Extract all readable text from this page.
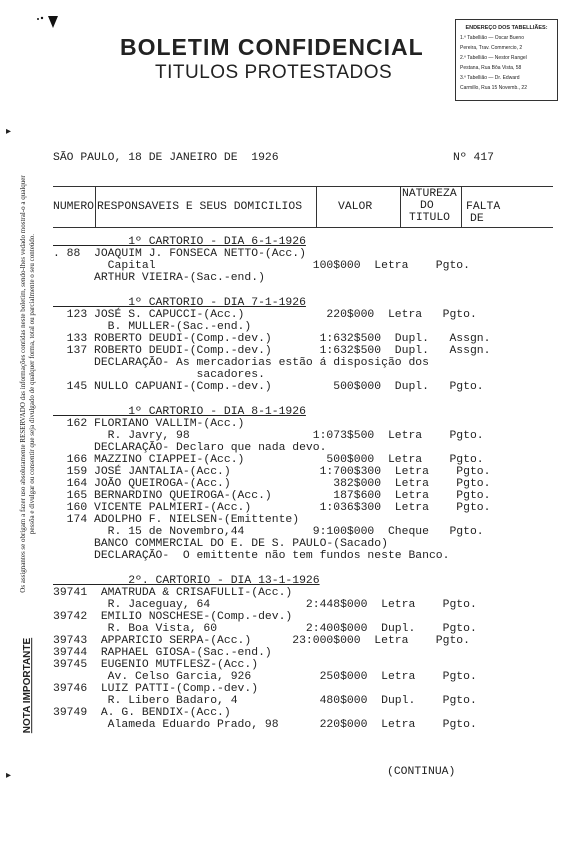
BOLETIM CONFIDENCIAL
TITULOS PROTESTADOS
ENDEREÇO DOS TABELLIÃES:
1.º Tabellião — Oscar Bueno
Pereira, Trav. Commercio, 2
2.º Tabellião — Nestor Rangel
Pestana, Rua Bôa Vista, 58
3.º Tabellião — Dr. Edward
Carmillo, Rua 15 Novemb., 22
Os assignantes se obrigam a fazer uso absolutamente RESERVADO das informações contidas neste boletim, sendo-lhes vedado mostral-o a qualquer pessôa e divulgar ou consentir que seja divulgado de qualquer forma, total ou parcialmente o seu conteúdo.
NOTA IMPORTANTE
▸
▸
SÃO PAULO, 18 DE JANEIRO DE  1926	Nº 417
NUMERO RESPONSAVEIS E SEUS DOMICILIOS	VALOR
NATUREZA
DO
TITULO
FALTA
DE
1º CARTORIO - DIA 6-1-1926
. 88  JOAQUIM J. FONSECA NETTO-(Acc.)
Capital                       100$000  Letra    Pgto.
ARTHUR VIEIRA-(Sac.-end.)
1º CARTORIO - DIA 7-1-1926
123 JOSÉ S. CAPUCCI-(Acc.)            220$000  Letra   Pgto.
B. MULLER-(Sac.-end.)
133 ROBERTO DEUDI-(Comp.-dev.)       1:632$500  Dupl.   Assgn.
137 ROBERTO DEUDI-(Comp.-dev.)       1:632$500  Dupl.   Assgn.
DECLARAÇÃO- As mercadorias estão á disposição dos
sacadores.
145 NULLO CAPUANI-(Comp.-dev.)         500$000  Dupl.   Pgto.
1º CARTORIO - DIA 8-1-1926
162 FLORIANO VALLIM-(Acc.)
R. Javry, 98                  1:073$500  Letra    Pgto.
DECLARAÇÃO- Declaro que nada devo.
166 MAZZINO CIAPPEI-(Acc.)            500$000  Letra    Pgto.
159 JOSÉ JANTALIA-(Acc.)             1:700$300  Letra    Pgto.
164 JOÃO QUEIROGA-(Acc.)               382$000  Letra    Pgto.
165 BERNARDINO QUEIROGA-(Acc.)         187$600  Letra    Pgto.
160 VICENTE PALMIERI-(Acc.)          1:036$300  Letra    Pgto.
174 ADOLPHO F. NIELSEN-(Emittente)
R. 15 de Novembro,44          9:100$000  Cheque   Pgto.
BANCO COMMERCIAL DO E. DE S. PAULO-(Sacado)
DECLARAÇÃO-  O emittente não tem fundos neste Banco.
2º. CARTORIO - DIA 13-1-1926
39741  AMATRUDA & CRISAFULLI-(Acc.)
R. Jaceguay, 64              2:448$000  Letra    Pgto.
39742  EMILIO NOSCHESE-(Comp.-dev.)
R. Boa Vista, 60             2:400$000  Dupl.    Pgto.
39743  APPARICIO SERPA-(Acc.)      23:000$000  Letra    Pgto.
39744  RAPHAEL GIOSA-(Sac.-end.)
39745  EUGENIO MUTFLESZ-(Acc.)
Av. Celso Garcia, 926          250$000  Letra    Pgto.
39746  LUIZ PATTI-(Comp.-dev.)
R. Libero Badaro, 4            480$000  Dupl.    Pgto.
39749  A. G. BENDIX-(Acc.)
Alameda Eduardo Prado, 98      220$000  Letra    Pgto.
(CONTINUA)
